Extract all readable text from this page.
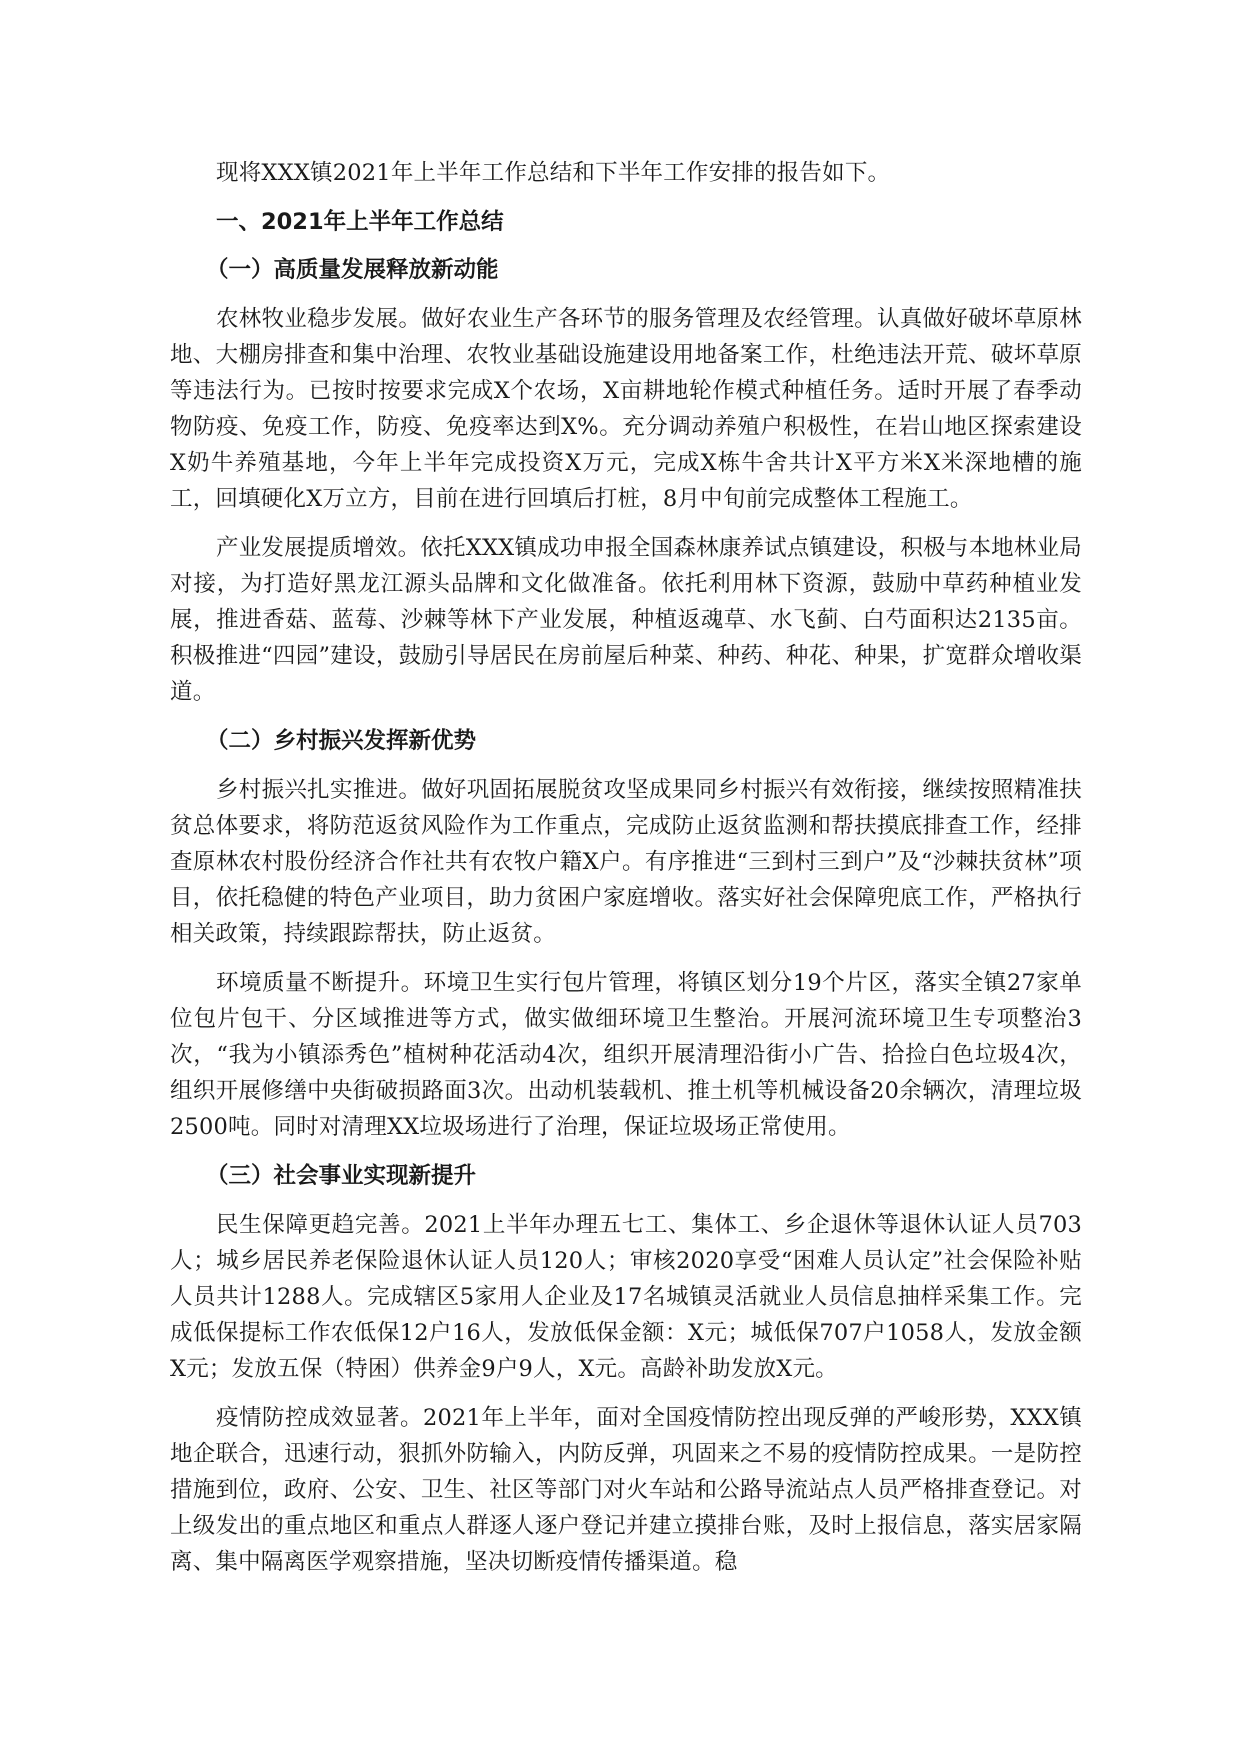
现将XXX镇2021年上半年工作总结和下半年工作安排的报告如下。

一、2021年上半年工作总结
（一）高质量发展释放新动能

农林牧业稳步发展。做好农业生产各环节的服务管理及农经管理。认真做好破坏草原林地、大棚房排查和集中治理、农牧业基础设施建设用地备案工作，杜绝违法开荒、破坏草原等违法行为。已按时按要求完成X个农场，X亩耕地轮作模式种植任务。适时开展了春季动物防疫、免疫工作，防疫、免疫率达到X%。充分调动养殖户积极性，在岩山地区探索建设X奶牛养殖基地，今年上半年完成投资X万元，完成X栋牛舍共计X平方米X米深地槽的施工，回填硬化X万立方，目前在进行回填后打桩，8月中旬前完成整体工程施工。

产业发展提质增效。依托XXX镇成功申报全国森林康养试点镇建设，积极与本地林业局对接，为打造好黑龙江源头品牌和文化做准备。依托利用林下资源，鼓励中草药种植业发展，推进香菇、蓝莓、沙棘等林下产业发展，种植返魂草、水飞蓟、白芍面积达2135亩。积极推进“四园”建设，鼓励引导居民在房前屋后种菜、种药、种花、种果，扩宽群众增收渠道。

（二）乡村振兴发挥新优势

乡村振兴扎实推进。做好巩固拓展脱贫攻坚成果同乡村振兴有效衔接，继续按照精准扶贫总体要求，将防范返贫风险作为工作重点，完成防止返贫监测和帮扶摸底排查工作，经排查原林农村股份经济合作社共有农牧户籍X户。有序推进“三到村三到户”及“沙棘扶贫林”项目，依托稳健的特色产业项目，助力贫困户家庭增收。落实好社会保障兜底工作，严格执行相关政策，持续跟踪帮扶，防止返贫。

环境质量不断提升。环境卫生实行包片管理，将镇区划分19个片区，落实全镇27家单位包片包干、分区域推进等方式，做实做细环境卫生整治。开展河流环境卫生专项整治3次，“我为小镇添秀色”植树种花活动4次，组织开展清理沿街小广告、拾捡白色垃圾4次，组织开展修缮中央街破损路面3次。出动机装载机、推土机等机械设备20余辆次，清理垃圾2500吨。同时对清理XX垃圾场进行了治理，保证垃圾场正常使用。

（三）社会事业实现新提升

民生保障更趋完善。2021上半年办理五七工、集体工、乡企退休等退休认证人员703人；城乡居民养老保险退休认证人员120人；审核2020享受“困难人员认定”社会保险补贴人员共计1288人。完成辖区5家用人企业及17名城镇灵活就业人员信息抽样采集工作。完成低保提标工作农低保12户16人，发放低保金额：X元；城低保707户1058人，发放金额X元；发放五保（特困）供养金9户9人，X元。高龄补助发放X元。

疫情防控成效显著。2021年上半年，面对全国疫情防控出现反弹的严峻形势，XXX镇地企联合，迅速行动，狠抓外防输入，内防反弹，巩固来之不易的疫情防控成果。一是防控措施到位，政府、公安、卫生、社区等部门对火车站和公路导流站点人员严格排查登记。对上级发出的重点地区和重点人群逐人逐户登记并建立摸排台账，及时上报信息，落实居家隔离、集中隔离医学观察措施，坚决切断疫情传播渠道。稳
